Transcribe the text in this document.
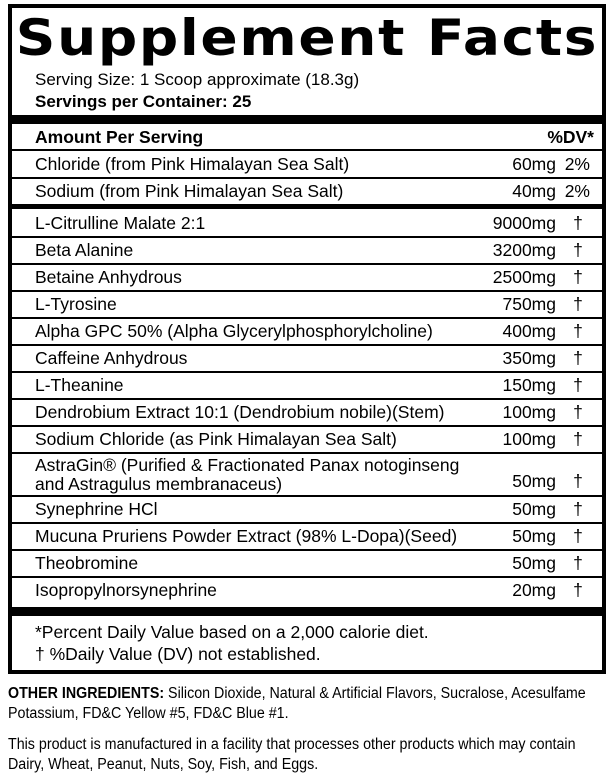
Supplement Facts
Serving Size: 1 Scoop approximate (18.3g)
Servings per Container: 25
Amount Per Serving	%DV*
Chloride (from Pink Himalayan Sea Salt)	60mg 2%
Sodium (from Pink Himalayan Sea Salt)	40mg 2%
L-Citrulline Malate 2:1	9000mg †
Beta Alanine	3200mg †
Betaine Anhydrous	2500mg †
L-Tyrosine	750mg †
Alpha GPC 50% (Alpha Glycerylphosphorylcholine)	400mg †
Caffeine Anhydrous	350mg †
L-Theanine	150mg †
Dendrobium Extract 10:1 (Dendrobium nobile)(Stem)	100mg †
Sodium Chloride (as Pink Himalayan Sea Salt)	100mg †
AstraGin® (Purified & Fractionated Panax notoginseng and Astragulus membranaceus)	50mg †
Synephrine HCl	50mg †
Mucuna Pruriens Powder Extract (98% L-Dopa)(Seed)	50mg †
Theobromine	50mg †
Isopropylnorsynephrine	20mg †
*Percent Daily Value based on a 2,000 calorie diet.
† %Daily Value (DV) not established.
OTHER INGREDIENTS: Silicon Dioxide, Natural & Artificial Flavors, Sucralose, Acesulfame Potassium, FD&C Yellow #5, FD&C Blue #1.
This product is manufactured in a facility that processes other products which may contain Dairy, Wheat, Peanut, Nuts, Soy, Fish, and Eggs.
